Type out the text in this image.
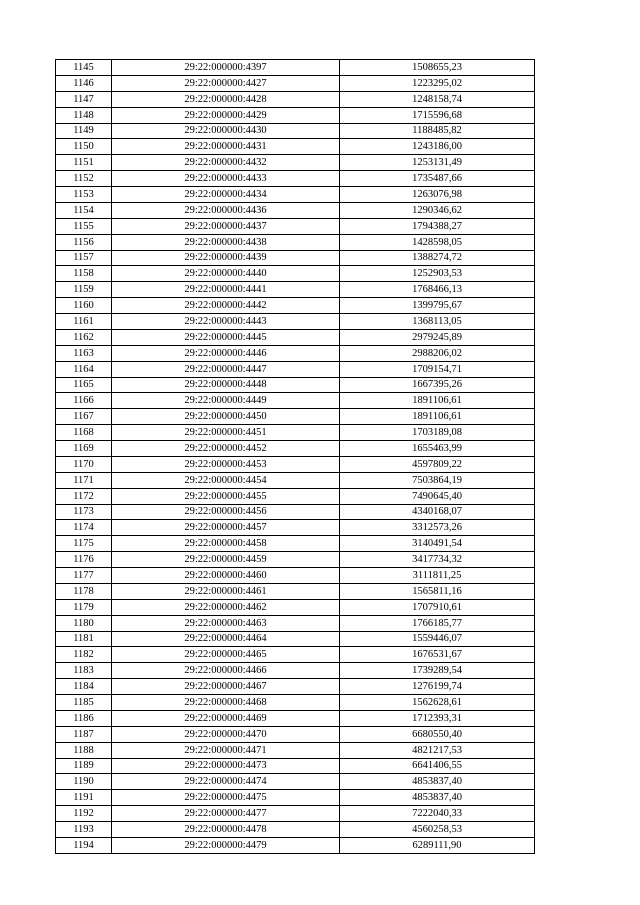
1145	29:22:000000:4397	1508655,23
1146	29:22:000000:4427	1223295,02
1147	29:22:000000:4428	1248158,74
1148	29:22:000000:4429	1715596,68
1149	29:22:000000:4430	1188485,82
1150	29:22:000000:4431	1243186,00
1151	29:22:000000:4432	1253131,49
1152	29:22:000000:4433	1735487,66
1153	29:22:000000:4434	1263076,98
1154	29:22:000000:4436	1290346,62
1155	29:22:000000:4437	1794388,27
1156	29:22:000000:4438	1428598,05
1157	29:22:000000:4439	1388274,72
1158	29:22:000000:4440	1252903,53
1159	29:22:000000:4441	1768466,13
1160	29:22:000000:4442	1399795,67
1161	29:22:000000:4443	1368113,05
1162	29:22:000000:4445	2979245,89
1163	29:22:000000:4446	2988206,02
1164	29:22:000000:4447	1709154,71
1165	29:22:000000:4448	1667395,26
1166	29:22:000000:4449	1891106,61
1167	29:22:000000:4450	1891106,61
1168	29:22:000000:4451	1703189,08
1169	29:22:000000:4452	1655463,99
1170	29:22:000000:4453	4597809,22
1171	29:22:000000:4454	7503864,19
1172	29:22:000000:4455	7490645,40
1173	29:22:000000:4456	4340168,07
1174	29:22:000000:4457	3312573,26
1175	29:22:000000:4458	3140491,54
1176	29:22:000000:4459	3417734,32
1177	29:22:000000:4460	3111811,25
1178	29:22:000000:4461	1565811,16
1179	29:22:000000:4462	1707910,61
1180	29:22:000000:4463	1766185,77
1181	29:22:000000:4464	1559446,07
1182	29:22:000000:4465	1676531,67
1183	29:22:000000:4466	1739289,54
1184	29:22:000000:4467	1276199,74
1185	29:22:000000:4468	1562628,61
1186	29:22:000000:4469	1712393,31
1187	29:22:000000:4470	6680550,40
1188	29:22:000000:4471	4821217,53
1189	29:22:000000:4473	6641406,55
1190	29:22:000000:4474	4853837,40
1191	29:22:000000:4475	4853837,40
1192	29:22:000000:4477	7222040,33
1193	29:22:000000:4478	4560258,53
1194	29:22:000000:4479	6289111,90
